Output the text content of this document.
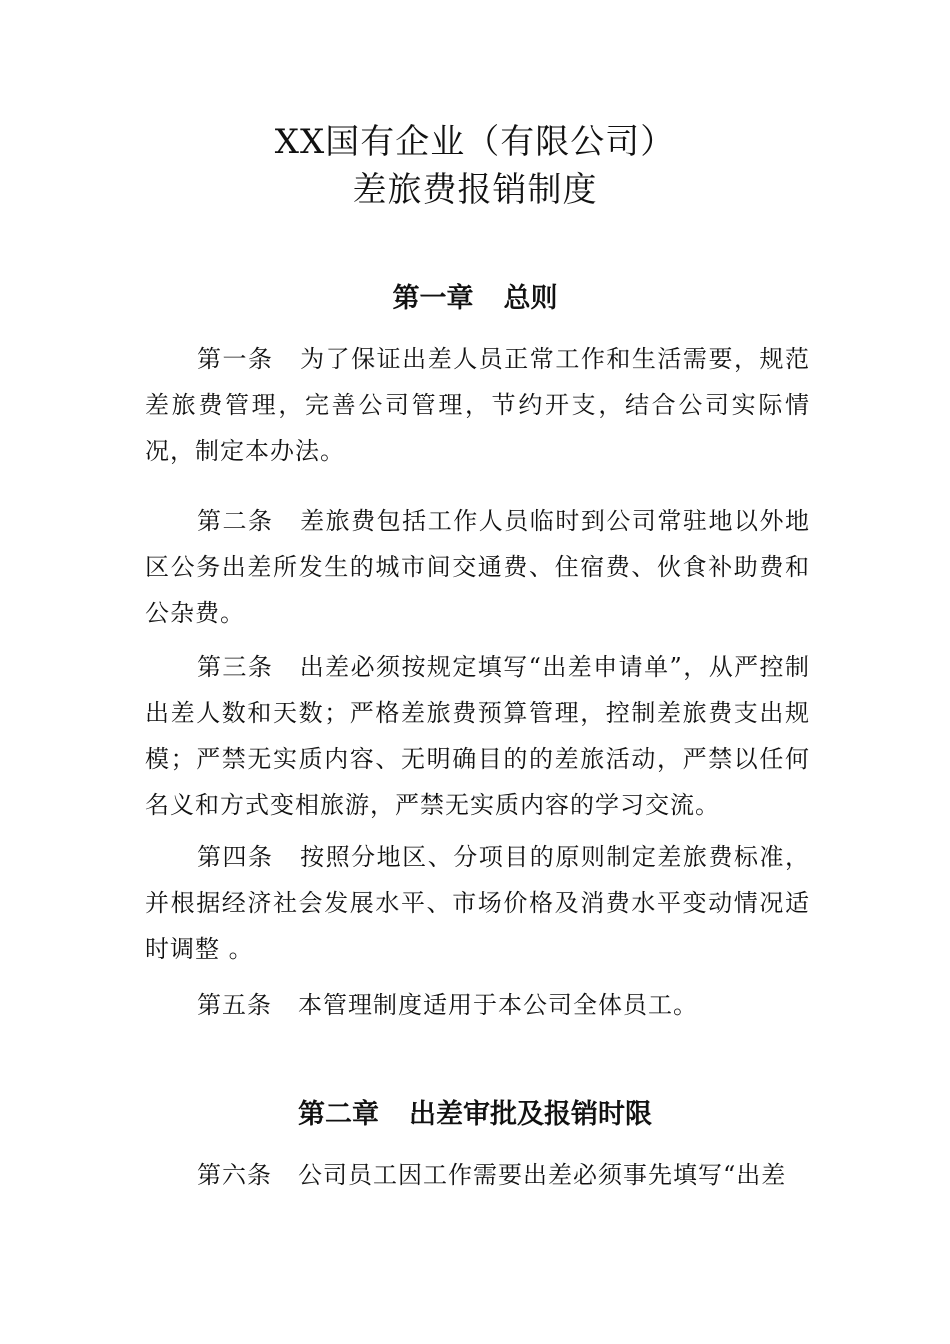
XX国有企业（有限公司）
差旅费报销制度
第一章 总则
第一条 为了保证出差人员正常工作和生活需要，规范差旅费管理，完善公司管理，节约开支，结合公司实际情况，制定本办法。
第二条 差旅费包括工作人员临时到公司常驻地以外地区公务出差所发生的城市间交通费、住宿费、伙食补助费和公杂费。
第三条 出差必须按规定填写“出差申请单”，从严控制出差人数和天数；严格差旅费预算管理，控制差旅费支出规模；严禁无实质内容、无明确目的的差旅活动，严禁以任何名义和方式变相旅游，严禁无实质内容的学习交流。
第四条 按照分地区、分项目的原则制定差旅费标准，并根据经济社会发展水平、市场价格及消费水平变动情况适时调整 。
第五条 本管理制度适用于本公司全体员工。
第二章 出差审批及报销时限
第六条 公司员工因工作需要出差必须事先填写“出差
